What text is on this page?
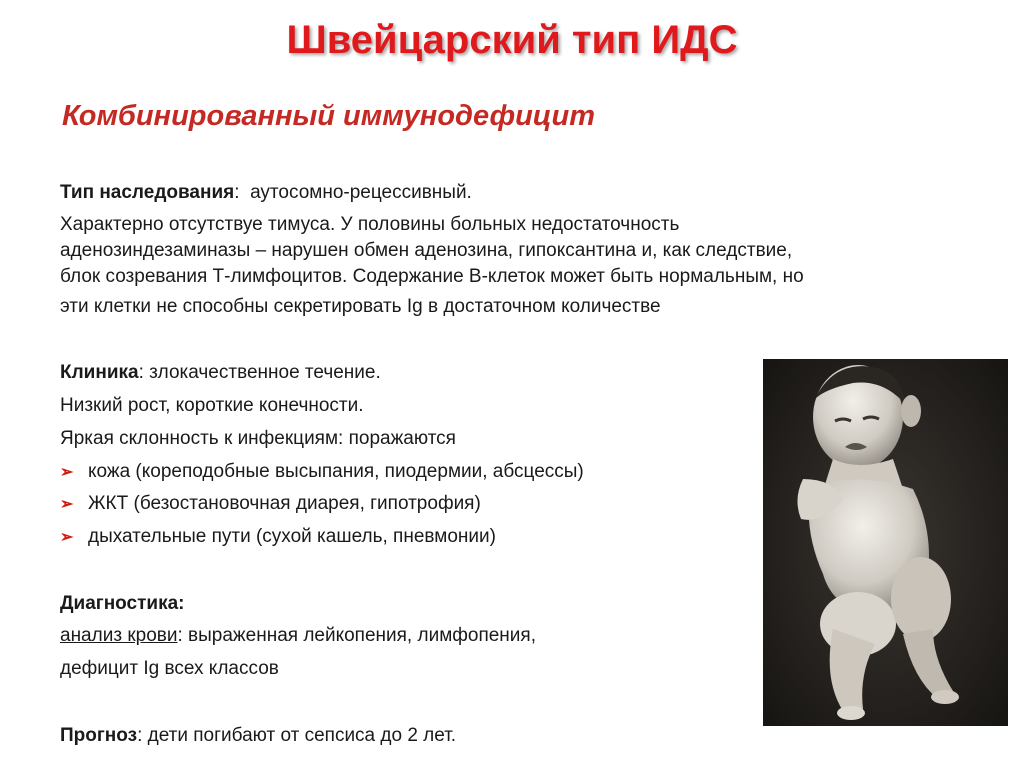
Швейцарский тип ИДС
Комбинированный иммунодефицит

Тип наследования:  аутосомно-рецессивный.

Характерно отсутствуе тимуса. У половины больных недостаточность

аденозиндезаминазы – нарушен обмен аденозина, гипоксантина и, как следствие,

блок созревания Т-лимфоцитов. Содержание В-клеток может быть нормальным, но

эти клетки не способны секретировать Ig в достаточном количестве

Клиника: злокачественное течение.

Низкий рост, короткие конечности.

Яркая склонность к инфекциям: поражаются

➢ кожа (кореподобные высыпания, пиодермии, абсцессы)

➢ ЖКТ (безостановочная диарея, гипотрофия)

➢ дыхательные пути (сухой кашель, пневмонии)

Диагностика:

анализ крови: выраженная лейкопения, лимфопения,

дефицит Ig всех классов

Прогноз: дети погибают от сепсиса до 2 лет.
